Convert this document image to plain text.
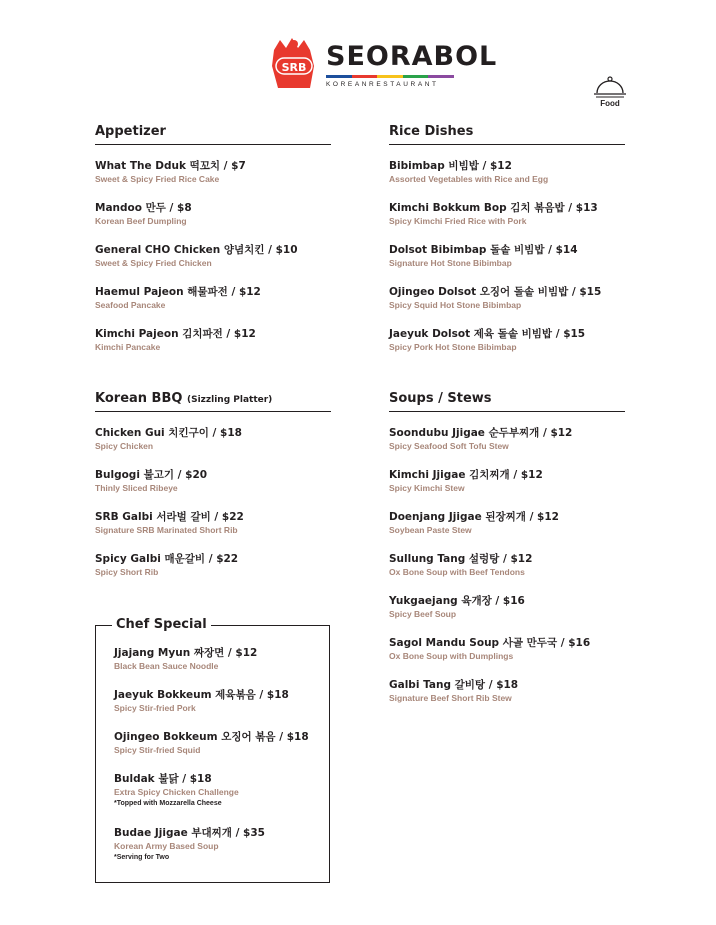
SRB SEORABOL
KOREANRESTAURANT
Food
Appetizer
What The Dduk 떡꼬치 / $7
Sweet & Spicy Fried Rice Cake
Mandoo 만두 / $8
Korean Beef Dumpling
General CHO Chicken 양념치킨 / $10
Sweet & Spicy Fried Chicken
Haemul Pajeon 해물파전 / $12
Seafood Pancake
Kimchi Pajeon 김치파전 / $12
Kimchi Pancake
Korean BBQ (Sizzling Platter)
Chicken Gui 치킨구이 / $18
Spicy Chicken
Bulgogi 불고기 / $20
Thinly Sliced Ribeye
SRB Galbi 서라벌 갈비 / $22
Signature SRB Marinated Short Rib
Spicy Galbi 매운갈비 / $22
Spicy Short Rib
Chef Special
Jjajang Myun 짜장면 / $12
Black Bean Sauce Noodle
Jaeyuk Bokkeum 제육볶음 / $18
Spicy Stir-fried Pork
Ojingeo Bokkeum 오징어 볶음 / $18
Spicy Stir-fried Squid
Buldak 불닭 / $18
Extra Spicy Chicken Challenge
*Topped with Mozzarella Cheese
Budae Jjigae 부대찌개 / $35
Korean Army Based Soup
*Serving for Two
Rice Dishes
Bibimbap 비빔밥 / $12
Assorted Vegetables with Rice and Egg
Kimchi Bokkum Bop 김치 볶음밥 / $13
Spicy Kimchi Fried Rice with Pork
Dolsot Bibimbap 돌솥 비빔밥 / $14
Signature Hot Stone Bibimbap
Ojingeo Dolsot 오징어 돌솥 비빔밥 / $15
Spicy Squid Hot Stone Bibimbap
Jaeyuk Dolsot 제육 돌솥 비빔밥 / $15
Spicy Pork Hot Stone Bibimbap
Soups / Stews
Soondubu Jjigae 순두부찌개 / $12
Spicy Seafood Soft Tofu Stew
Kimchi Jjigae 김치찌개 / $12
Spicy Kimchi Stew
Doenjang Jjigae 된장찌개 / $12
Soybean Paste Stew
Sullung Tang 설렁탕 / $12
Ox Bone Soup with Beef Tendons
Yukgaejang 육개장 / $16
Spicy Beef Soup
Sagol Mandu Soup 사골 만두국 / $16
Ox Bone Soup with Dumplings
Galbi Tang 갈비탕 / $18
Signature Beef Short Rib Stew
